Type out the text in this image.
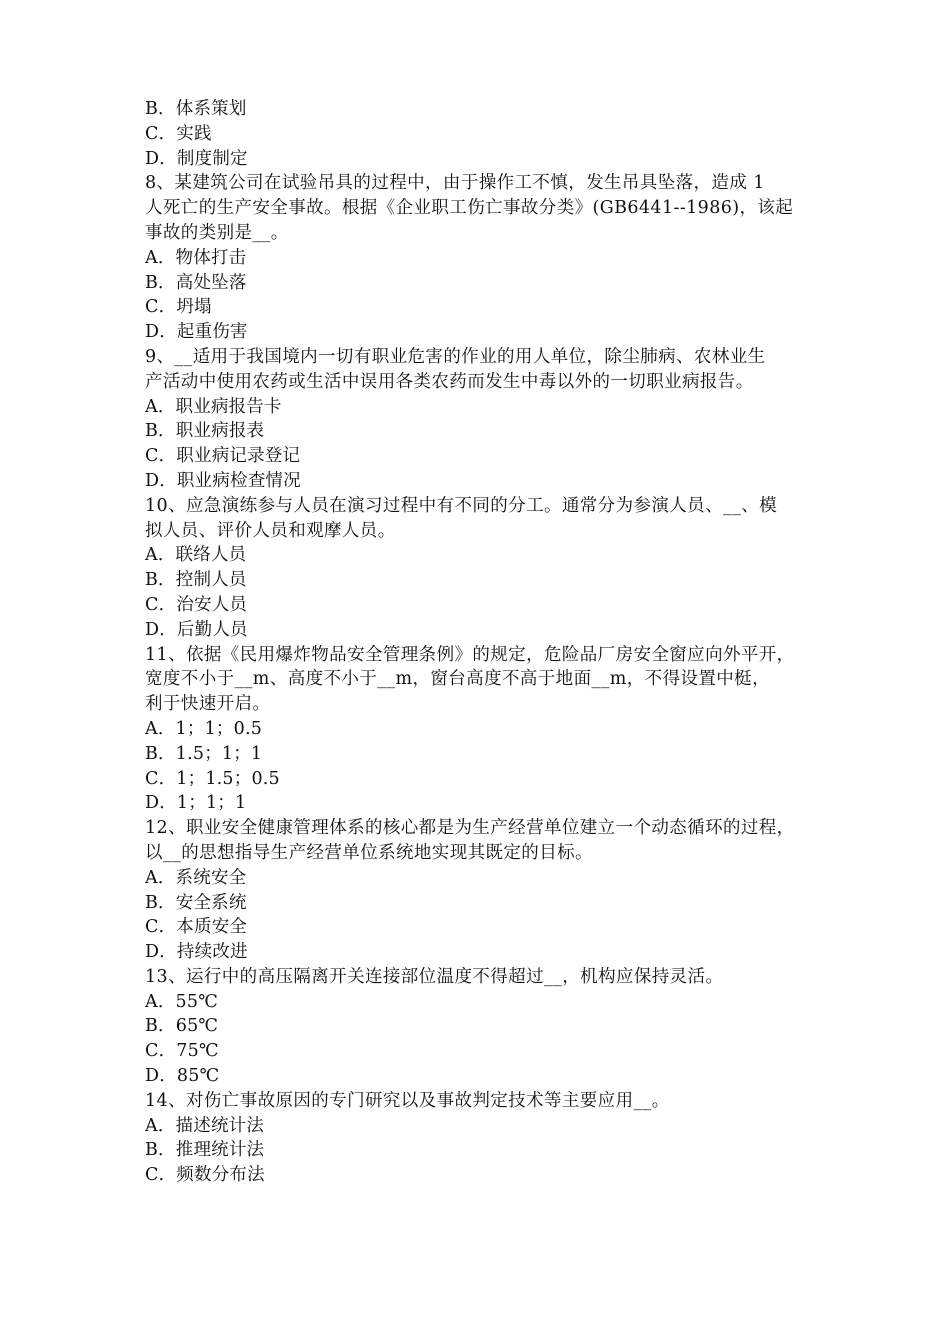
B．体系策划
C．实践
D．制度制定
8、某建筑公司在试验吊具的过程中，由于操作工不慎，发生吊具坠落，造成 1
人死亡的生产安全事故。根据《企业职工伤亡事故分类》(GB6441--1986)，该起
事故的类别是__。
A．物体打击
B．高处坠落
C．坍塌
D．起重伤害
9、__适用于我国境内一切有职业危害的作业的用人单位，除尘肺病、农林业生
产活动中使用农药或生活中误用各类农药而发生中毒以外的一切职业病报告。
A．职业病报告卡
B．职业病报表
C．职业病记录登记
D．职业病检查情况
10、应急演练参与人员在演习过程中有不同的分工。通常分为参演人员、__、模
拟人员、评价人员和观摩人员。
A．联络人员
B．控制人员
C．治安人员
D．后勤人员
11、依据《民用爆炸物品安全管理条例》的规定，危险品厂房安全窗应向外平开，
宽度不小于__m、高度不小于__m，窗台高度不高于地面__m，不得设置中梃，
利于快速开启。
A．1；1；0.5
B．1.5；1；1
C．1；1.5；0.5
D．1；1；1
12、职业安全健康管理体系的核心都是为生产经营单位建立一个动态循环的过程，
以__的思想指导生产经营单位系统地实现其既定的目标。
A．系统安全
B．安全系统
C．本质安全
D．持续改进
13、运行中的高压隔离开关连接部位温度不得超过__，机构应保持灵活。
A．55℃
B．65℃
C．75℃
D．85℃
14、对伤亡事故原因的专门研究以及事故判定技术等主要应用__。
A．描述统计法
B．推理统计法
C．频数分布法
